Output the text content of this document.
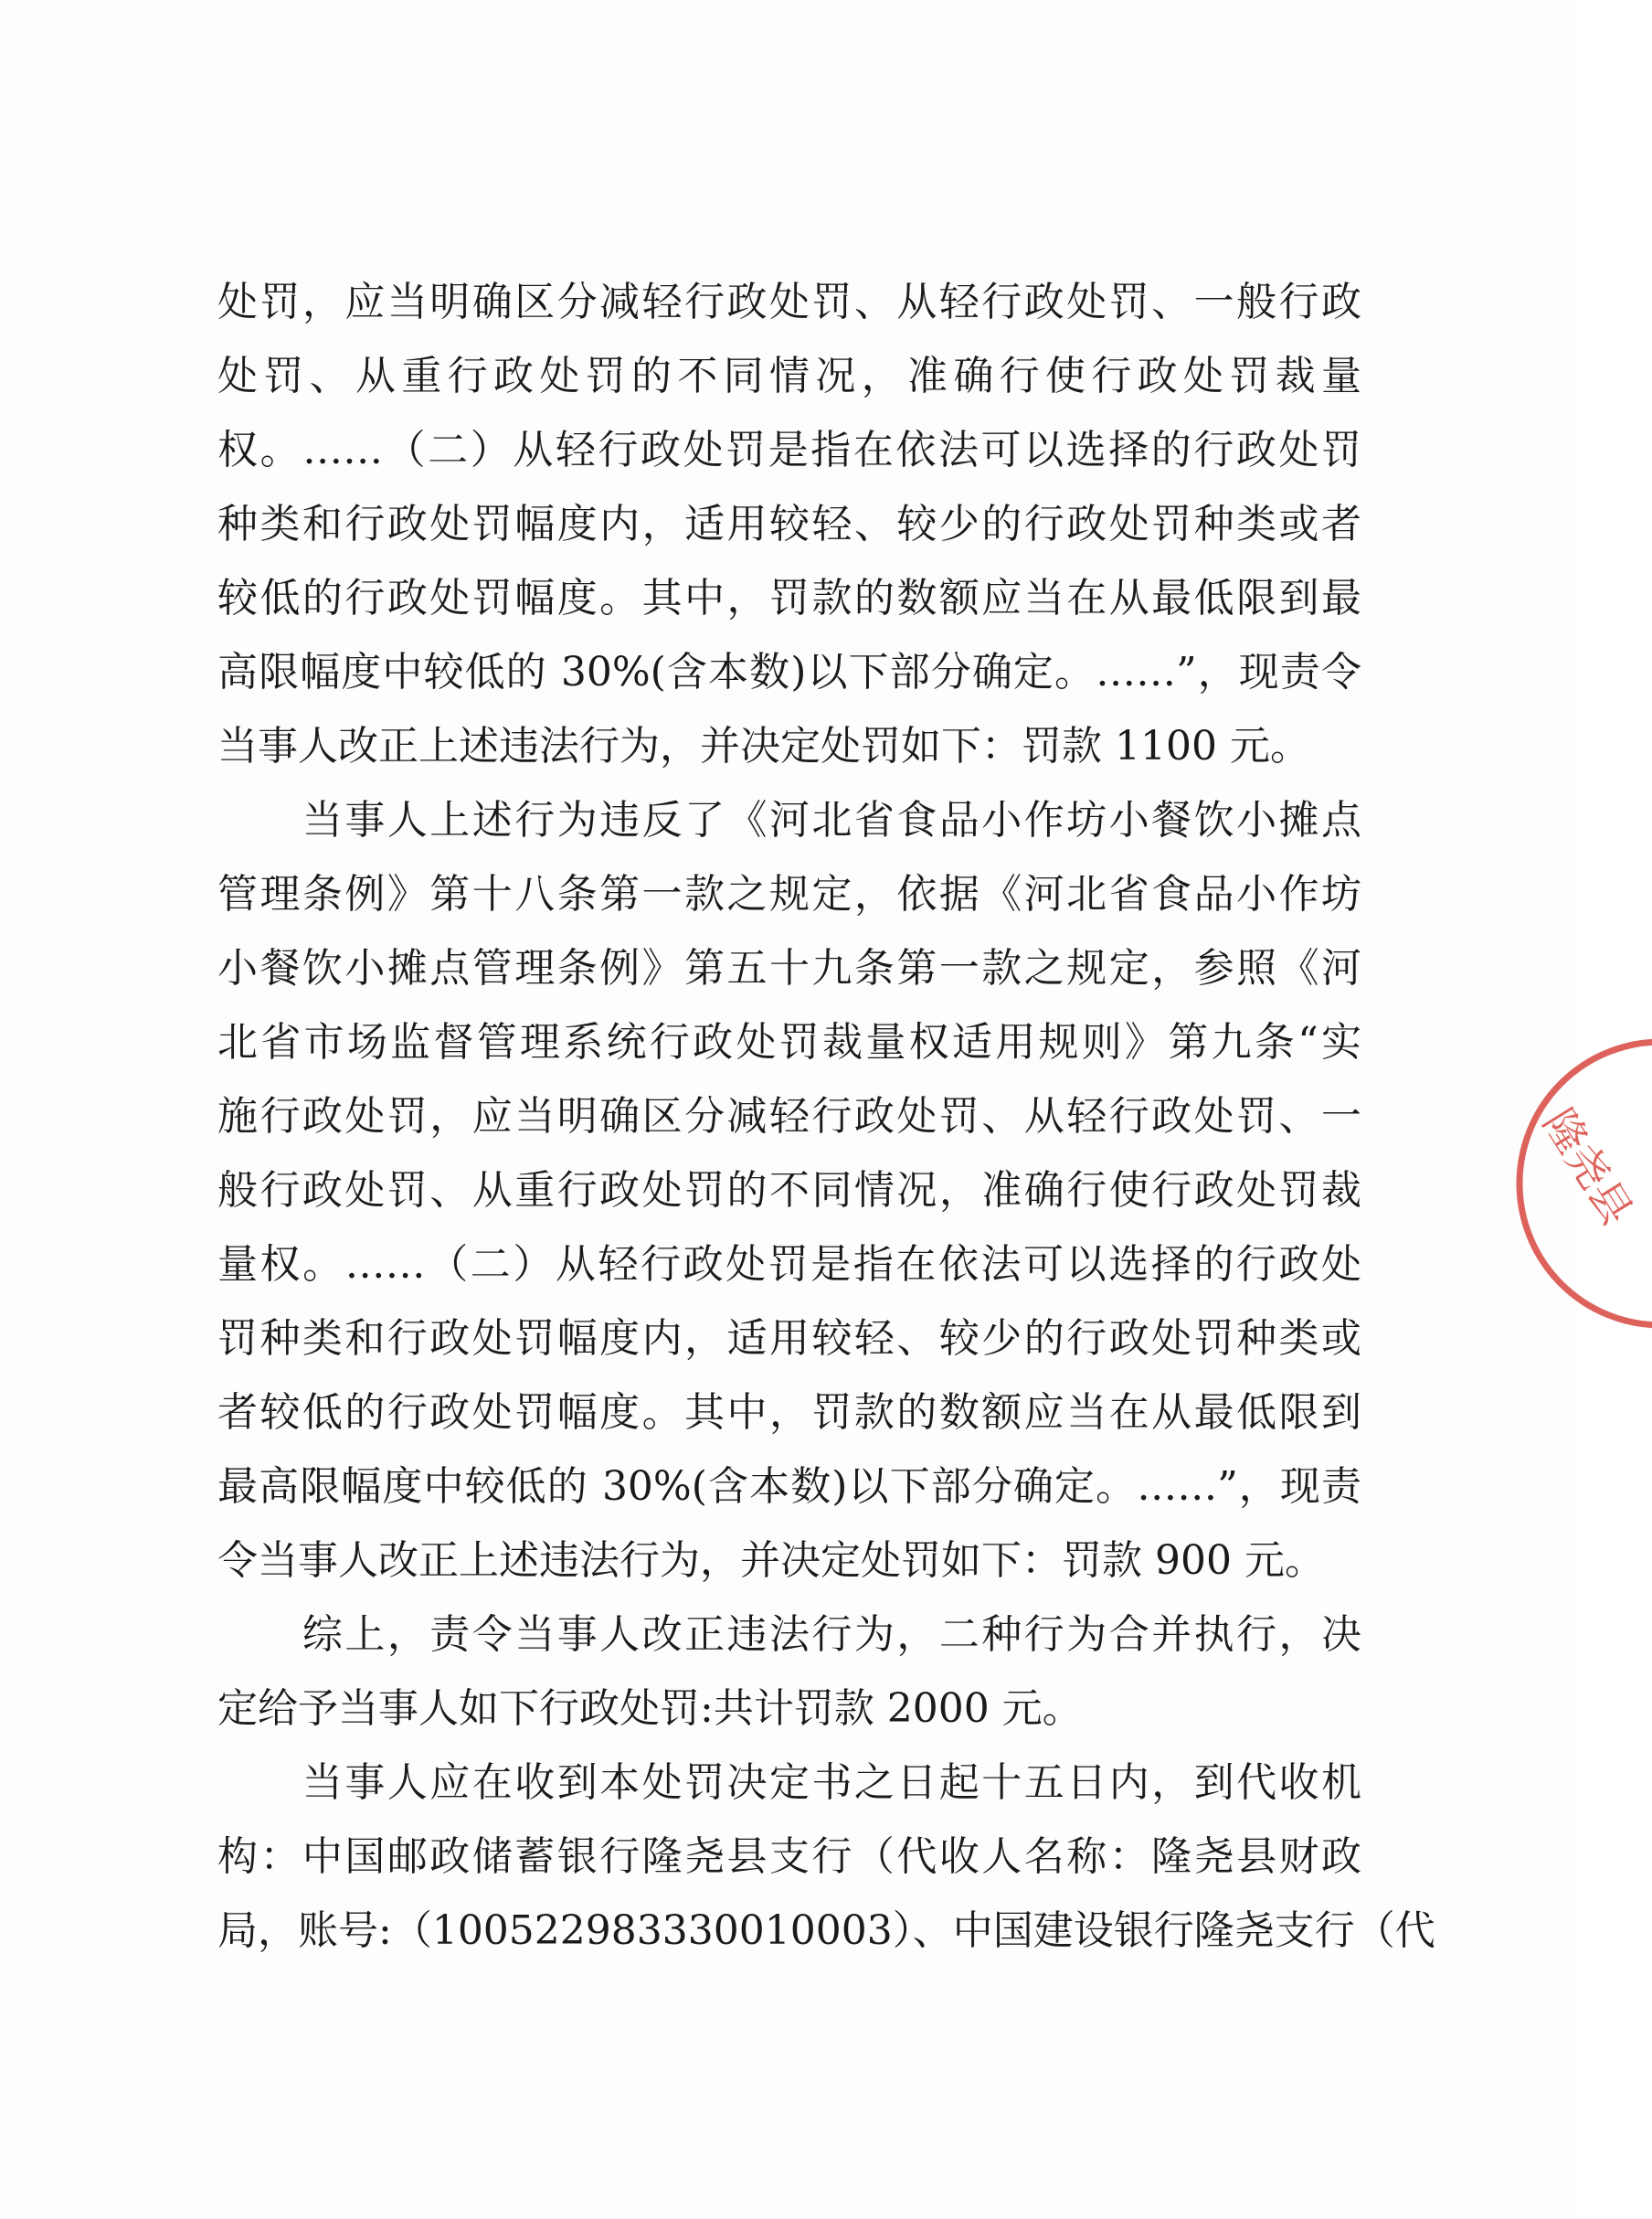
处罚，应当明确区分减轻行政处罚、从轻行政处罚、一般行政
处罚、从重行政处罚的不同情况，准确行使行政处罚裁量
权。……（二）从轻行政处罚是指在依法可以选择的行政处罚
种类和行政处罚幅度内，适用较轻、较少的行政处罚种类或者
较低的行政处罚幅度。其中，罚款的数额应当在从最低限到最
高限幅度中较低的 30%(含本数)以下部分确定。……”，现责令
当事人改正上述违法行为，并决定处罚如下：罚款 1100 元。
　　当事人上述行为违反了《河北省食品小作坊小餐饮小摊点
管理条例》第十八条第一款之规定，依据《河北省食品小作坊
小餐饮小摊点管理条例》第五十九条第一款之规定，参照《河
北省市场监督管理系统行政处罚裁量权适用规则》第九条“实
施行政处罚，应当明确区分减轻行政处罚、从轻行政处罚、一
般行政处罚、从重行政处罚的不同情况，准确行使行政处罚裁
量权。……（二）从轻行政处罚是指在依法可以选择的行政处
罚种类和行政处罚幅度内，适用较轻、较少的行政处罚种类或
者较低的行政处罚幅度。其中，罚款的数额应当在从最低限到
最高限幅度中较低的 30%(含本数)以下部分确定。……”，现责
令当事人改正上述违法行为，并决定处罚如下：罚款 900 元。
　　综上，责令当事人改正违法行为，二种行为合并执行，决
定给予当事人如下行政处罚:共计罚款 2000 元。
　　当事人应在收到本处罚决定书之日起十五日内，到代收机
构：中国邮政储蓄银行隆尧县支行（代收人名称：隆尧县财政
局，账号:（100522983330010003）、中国建设银行隆尧支行（代
隆尧县
